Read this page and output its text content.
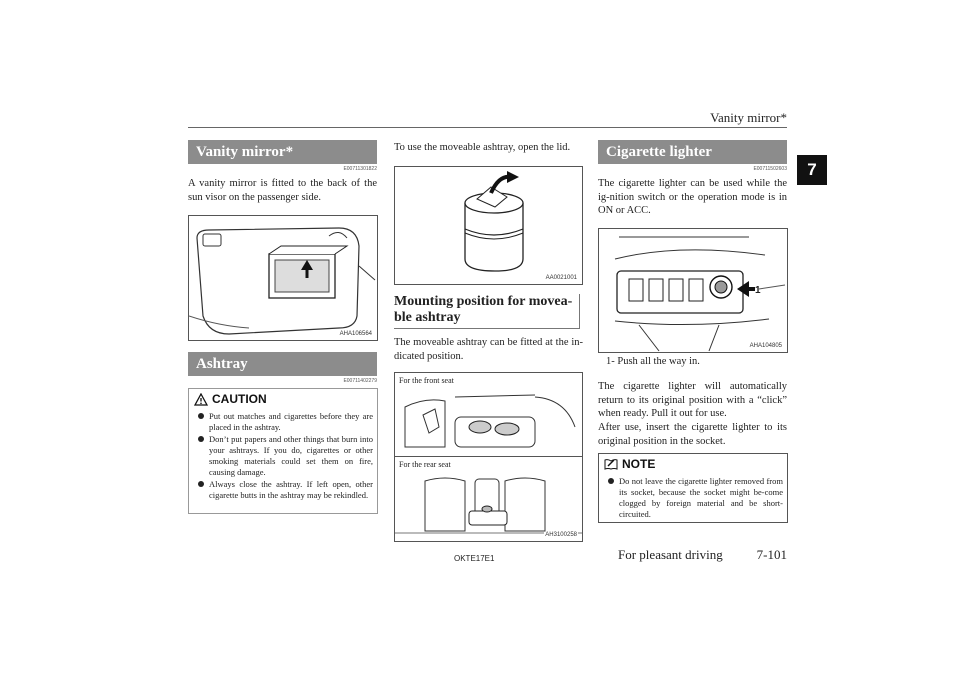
Vanity mirror*
7
Vanity mirror*
E00711301822
A vanity mirror is fitted to the back of the sun visor on the passenger side.
AHA106564
Ashtray
E00711402279
CAUTION
Put out matches and cigarettes before they are placed in the ashtray.
Don’t put papers and other things that burn into your ashtrays. If you do, cigarettes or other smoking materials could set them on fire, causing damage.
Always close the ashtray. If left open, other cigarette butts in the ashtray may be rekindled.
To use the moveable ashtray, open the lid.
AA0021001
Mounting position for movea-
ble ashtray
The moveable ashtray can be fitted at the in-dicated position.
For the front seat
For the rear seat
AH3100258
Cigarette lighter
E00711502603
The cigarette lighter can be used while the ig-nition switch or the operation mode is in ON or ACC.
1
AHA104805
1- Push all the way in.
The cigarette lighter will automatically return to its original position with a “click” when ready. Pull it out for use.
After use, insert the cigarette lighter to its original position in the socket.
NOTE
Do not leave the cigarette lighter removed from its socket, because the socket might be-come clogged by foreign material and be short-circuited.
OKTE17E1	For pleasant driving	7-101
